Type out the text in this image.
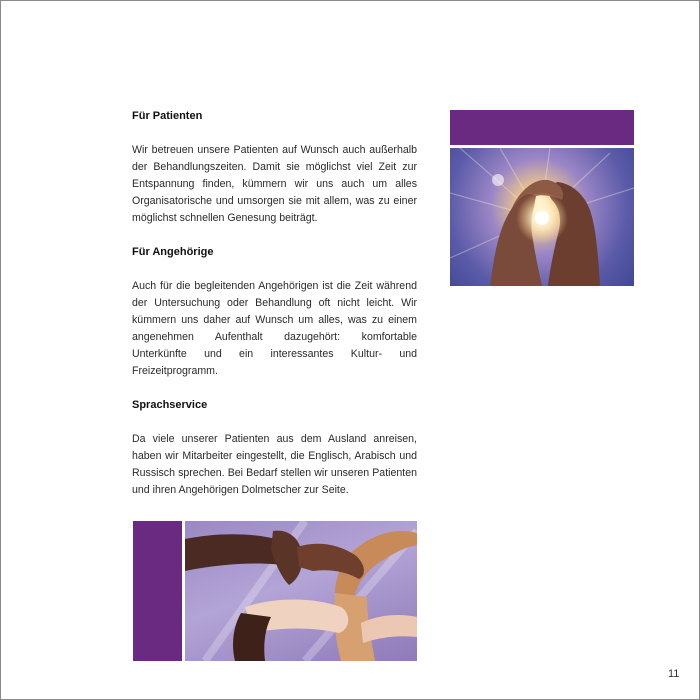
Für Patienten
Wir betreuen unsere Patienten auf Wunsch auch außerhalb der Behandlungszeiten. Damit sie möglichst viel Zeit zur Entspannung finden, kümmern wir uns auch um alles Organisatorische und umsorgen sie mit allem, was zu einer möglichst schnellen Genesung beiträgt.
Für Angehörige
Auch für die begleitenden Angehörigen ist die Zeit während der Untersuchung oder Behandlung oft nicht leicht. Wir kümmern uns daher auf Wunsch um alles, was zu einem angenehmen Aufenthalt dazugehört: komfortable Unterkünfte und ein interessantes Kultur- und Freizeitprogramm.
Sprachservice
Da viele unserer Patienten aus dem Ausland anreisen, haben wir Mitarbeiter eingestellt, die Englisch, Arabisch und Russisch sprechen. Bei Bedarf stellen wir unseren Patienten und ihren Angehörigen Dolmetscher zur Seite.
11
